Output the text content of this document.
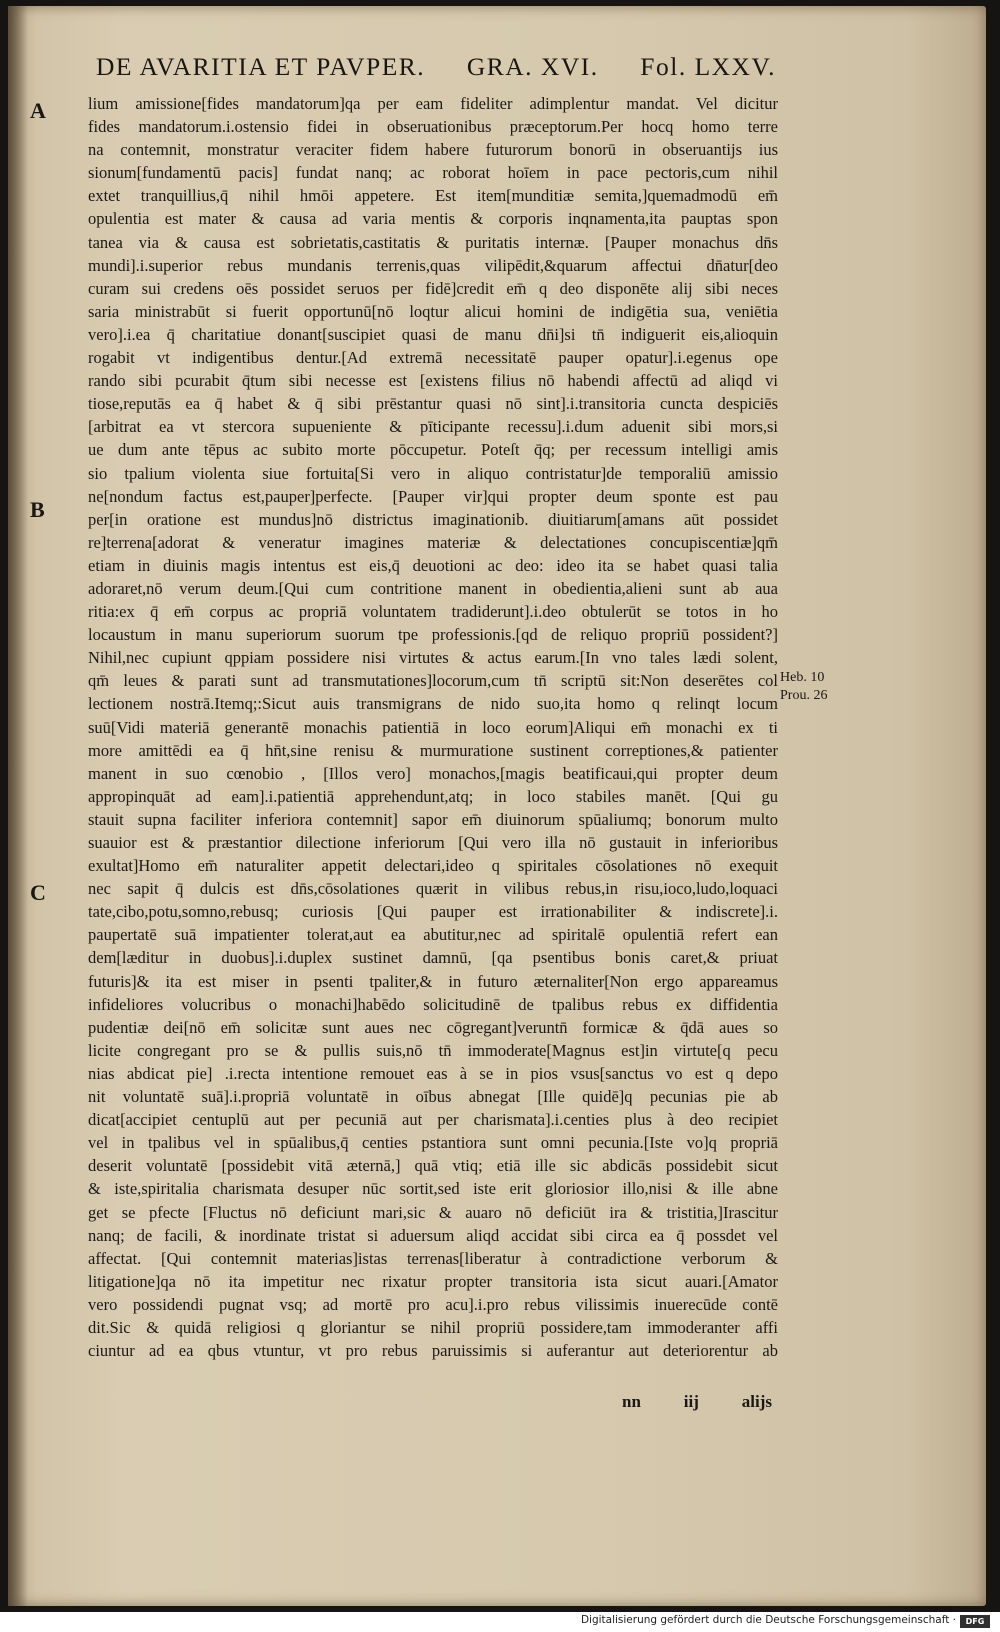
DE AVARITIA ET PAVPER. GRA. XVI. Fol. LXXV.
A
B
C
Heb. 10
Prou. 26
lium amissione[fides mandatorum]qa per eam fideliter adimplentur mandat. Vel dicitur
fides mandatorum.i.ostensio fidei in obseruationibus præceptorum.Per hocq homo terre
na contemnit, monstratur veraciter fidem habere futurorum bonorū in obseruantijs ius
sionum[fundamentū pacis] fundat nanq; ac roborat hoīem in pace pectoris,cum nihil
extet tranquillius,q̄ nihil hmōi appetere. Est item[munditiæ semita,]quemadmodū em̄
opulentia est mater & causa ad varia mentis & corporis inqnamenta,ita pauptas spon
tanea via & causa est sobrietatis,castitatis & puritatis internæ. [Pauper monachus dn̄s
mundi].i.superior rebus mundanis terrenis,quas vilipēdit,&quarum affectui dn̄atur[deo
curam sui credens oēs possidet seruos per fidē]credit em̄ q deo disponēte alij sibi neces
saria ministrabūt si fuerit opportunū[nō loqtur alicui homini de indigētia sua, veniētia
vero].i.ea q̄ charitatiue donant[suscipiet quasi de manu dn̄i]si tn̄ indiguerit eis,alioquin
rogabit vt indigentibus dentur.[Ad extremā necessitatē pauper opatur].i.egenus ope
rando sibi pcurabit q̄tum sibi necesse est [existens filius nō habendi affectū ad aliqd vi
tiose,reputās ea q̄ habet & q̄ sibi prēstantur quasi nō sint].i.transitoria cuncta despiciēs
[arbitrat ea vt stercora supueniente & pīticipante recessu].i.dum aduenit sibi mors,si
ue dum ante tēpus ac subito morte pōccupetur. Poteſt q̄q; per recessum intelligi amis
sio tpalium violenta siue fortuita[Si vero in aliquo contristatur]de temporaliū amissio
ne[nondum factus est,pauper]perfecte. [Pauper vir]qui propter deum sponte est pau
per[in oratione est mundus]nō districtus imaginationib. diuitiarum[amans aūt possidet
re]terrena[adorat & veneratur imagines materiæ & delectationes concupiscentiæ]qm̄
etiam in diuinis magis intentus est eis,q̄ deuotioni ac deo: ideo ita se habet quasi talia
adoraret,nō verum deum.[Qui cum contritione manent in obedientia,alieni sunt ab aua
ritia:ex q̄ em̄ corpus ac propriā voluntatem tradiderunt].i.deo obtulerūt se totos in ho
locaustum in manu superiorum suorum tpe professionis.[qd de reliquo propriū possident?]
Nihil,nec cupiunt qppiam possidere nisi virtutes & actus earum.[In vno tales lædi solent,
qm̄ leues & parati sunt ad transmutationes]locorum,cum tn̄ scriptū sit:Non deserētes col
lectionem nostrā.Itemq;:Sicut auis transmigrans de nido suo,ita homo q relinqt locum
suū[Vidi materiā generantē monachis patientiā in loco eorum]Aliqui em̄ monachi ex ti
more amittēdi ea q̄ hn̄t,sine renisu & murmuratione sustinent correptiones,& patienter
manent in suo cœnobio , [Illos vero] monachos,[magis beatificaui,qui propter deum
appropinquāt ad eam].i.patientiā apprehendunt,atq; in loco stabiles manēt. [Qui gu
stauit supna faciliter inferiora contemnit] sapor em̄ diuinorum spūaliumq; bonorum multo
suauior est & præstantior dilectione inferiorum [Qui vero illa nō gustauit in inferioribus
exultat]Homo em̄ naturaliter appetit delectari,ideo q spiritales cōsolationes nō exequit
nec sapit q̄ dulcis est dn̄s,cōsolationes quærit in vilibus rebus,in risu,ioco,ludo,loquaci
tate,cibo,potu,somno,rebusq; curiosis [Qui pauper est irrationabiliter & indiscrete].i.
paupertatē suā impatienter tolerat,aut ea abutitur,nec ad spiritalē opulentiā refert ean
dem[læditur in duobus].i.duplex sustinet damnū, [qa psentibus bonis caret,& priuat
futuris]& ita est miser in psenti tpaliter,& in futuro æternaliter[Non ergo appareamus
infideliores volucribus o monachi]habēdo solicitudinē de tpalibus rebus ex diffidentia
pudentiæ dei[nō em̄ solicitæ sunt aues nec cōgregant]veruntn̄ formicæ & q̄dā aues so
licite congregant pro se & pullis suis,nō tn̄ immoderate[Magnus est]in virtute[q pecu
nias abdicat pie] .i.recta intentione remouet eas à se in pios vsus[sanctus vo est q depo
nit voluntatē suā].i.propriā voluntatē in oībus abnegat [Ille quidē]q pecunias pie ab
dicat[accipiet centuplū aut per pecuniā aut per charismata].i.centies plus à deo recipiet
vel in tpalibus vel in spūalibus,q̄ centies pstantiora sunt omni pecunia.[Iste vo]q propriā
deserit voluntatē [possidebit vitā æternā,] quā vtiq; etiā ille sic abdicās possidebit sicut
& iste,spiritalia charismata desuper nūc sortit,sed iste erit gloriosior illo,nisi & ille abne
get se pfecte [Fluctus nō deficiunt mari,sic & auaro nō deficiūt ira & tristitia,]Irascitur
nanq; de facili, & inordinate tristat si aduersum aliqd accidat sibi circa ea q̄ possdet vel
affectat. [Qui contemnit materias]istas terrenas[liberatur à contradictione verborum &
litigatione]qa nō ita impetitur nec rixatur propter transitoria ista sicut auari.[Amator
vero possidendi pugnat vsq; ad mortē pro acu].i.pro rebus vilissimis inuerecūde contē
dit.Sic & quidā religiosi q gloriantur se nihil propriū possidere,tam immoderanter affi
ciuntur ad ea qbus vtuntur, vt pro rebus paruissimis si auferantur aut deteriorentur ab
nn	iij	alijs
Digitalisierung gefördert durch die Deutsche Forschungsgemeinschaft ·	DFG
